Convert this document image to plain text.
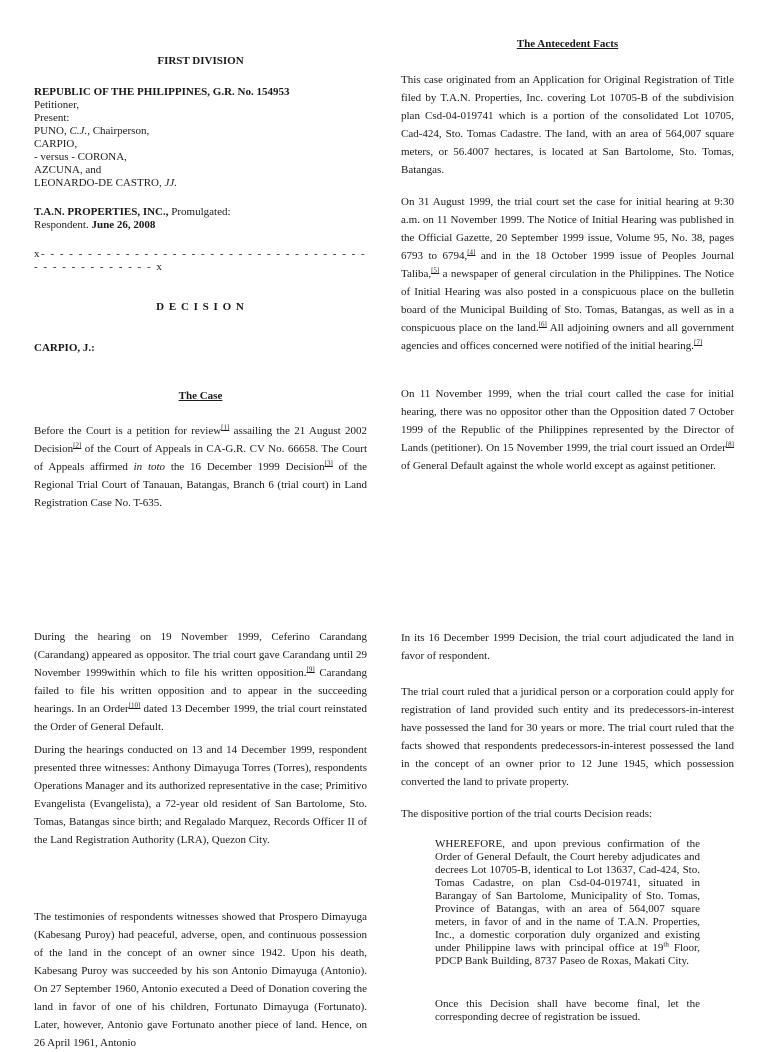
FIRST DIVISION

REPUBLIC OF THE PHILIPPINES, G.R. No. 154953

Petitioner,

Present:

PUNO, C.J., Chairperson,

CARPIO,

- versus - CORONA,

AZCUNA, and

LEONARDO-DE CASTRO, JJ.

T.A.N. PROPERTIES, INC., Promulgated:

Respondent. June 26, 2008

x- - - - - - - - - - - - - - - - - - - - - - - - - - - - - - - - - - - - - - - - - - - - - - - - x

D E C I S I O N

CARPIO, J.:

The Case

Before the Court is a petition for review[1] assailing the 21 August 2002 Decision[2] of the Court of Appeals in CA-G.R. CV No. 66658. The Court of Appeals affirmed in toto the 16 December 1999 Decision[3] of the Regional Trial Court of Tanauan, Batangas, Branch 6 (trial court) in Land Registration Case No. T-635.

The Antecedent Facts

This case originated from an Application for Original Registration of Title filed by T.A.N. Properties, Inc. covering Lot 10705-B of the subdivision plan Csd-04-019741 which is a portion of the consolidated Lot 10705, Cad-424, Sto. Tomas Cadastre. The land, with an area of 564,007 square meters, or 56.4007 hectares, is located at San Bartolome, Sto. Tomas, Batangas.

On 31 August 1999, the trial court set the case for initial hearing at 9:30 a.m. on 11 November 1999. The Notice of Initial Hearing was published in the Official Gazette, 20 September 1999 issue, Volume 95, No. 38, pages 6793 to 6794,[4] and in the 18 October 1999 issue of Peoples Journal Taliba,[5] a newspaper of general circulation in the Philippines. The Notice of Initial Hearing was also posted in a conspicuous place on the bulletin board of the Municipal Building of Sto. Tomas, Batangas, as well as in a conspicuous place on the land.[6] All adjoining owners and all government agencies and offices concerned were notified of the initial hearing.[7]

On 11 November 1999, when the trial court called the case for initial hearing, there was no oppositor other than the Opposition dated 7 October 1999 of the Republic of the Philippines represented by the Director of Lands (petitioner). On 15 November 1999, the trial court issued an Order[8] of General Default against the whole world except as against petitioner.

During the hearing on 19 November 1999, Ceferino Carandang (Carandang) appeared as oppositor. The trial court gave Carandang until 29 November 1999within which to file his written opposition.[9] Carandang failed to file his written opposition and to appear in the succeeding hearings. In an Order[10] dated 13 December 1999, the trial court reinstated the Order of General Default.

During the hearings conducted on 13 and 14 December 1999, respondent presented three witnesses: Anthony Dimayuga Torres (Torres), respondents Operations Manager and its authorized representative in the case; Primitivo Evangelista (Evangelista), a 72-year old resident of San Bartolome, Sto. Tomas, Batangas since birth; and Regalado Marquez, Records Officer II of the Land Registration Authority (LRA), Quezon City.

The testimonies of respondents witnesses showed that Prospero Dimayuga (Kabesang Puroy) had peaceful, adverse, open, and continuous possession of the land in the concept of an owner since 1942. Upon his death, Kabesang Puroy was succeeded by his son Antonio Dimayuga (Antonio). On 27 September 1960, Antonio executed a Deed of Donation covering the land in favor of one of his children, Fortunato Dimayuga (Fortunato). Later, however, Antonio gave Fortunato another piece of land. Hence, on 26 April 1961, Antonio

In its 16 December 1999 Decision, the trial court adjudicated the land in favor of respondent.

The trial court ruled that a juridical person or a corporation could apply for registration of land provided such entity and its predecessors-in-interest have possessed the land for 30 years or more. The trial court ruled that the facts showed that respondents predecessors-in-interest possessed the land in the concept of an owner prior to 12 June 1945, which possession converted the land to private property.

The dispositive portion of the trial courts Decision reads:

WHEREFORE, and upon previous confirmation of the Order of General Default, the Court hereby adjudicates and decrees Lot 10705-B, identical to Lot 13637, Cad-424, Sto. Tomas Cadastre, on plan Csd-04-019741, situated in Barangay of San Bartolome, Municipality of Sto. Tomas, Province of Batangas, with an area of 564,007 square meters, in favor of and in the name of T.A.N. Properties, Inc., a domestic corporation duly organized and existing under Philippine laws with principal office at 19th Floor, PDCP Bank Building, 8737 Paseo de Roxas, Makati City.

Once this Decision shall have become final, let the corresponding decree of registration be issued.
